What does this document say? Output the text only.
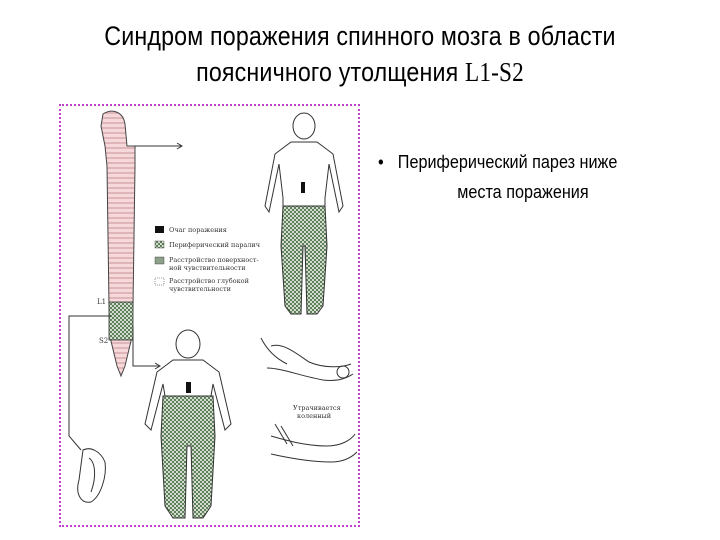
Синдром поражения спинного мозга в области
поясничного утолщения L1-S2
L1
S2
Очаг поражения
Периферический паралич
Расстройство поверхност-
ной чувствительности
Расстройство глубокой
чувствительности
Утрачивается
коленный
• Периферический парез ниже
места поражения
